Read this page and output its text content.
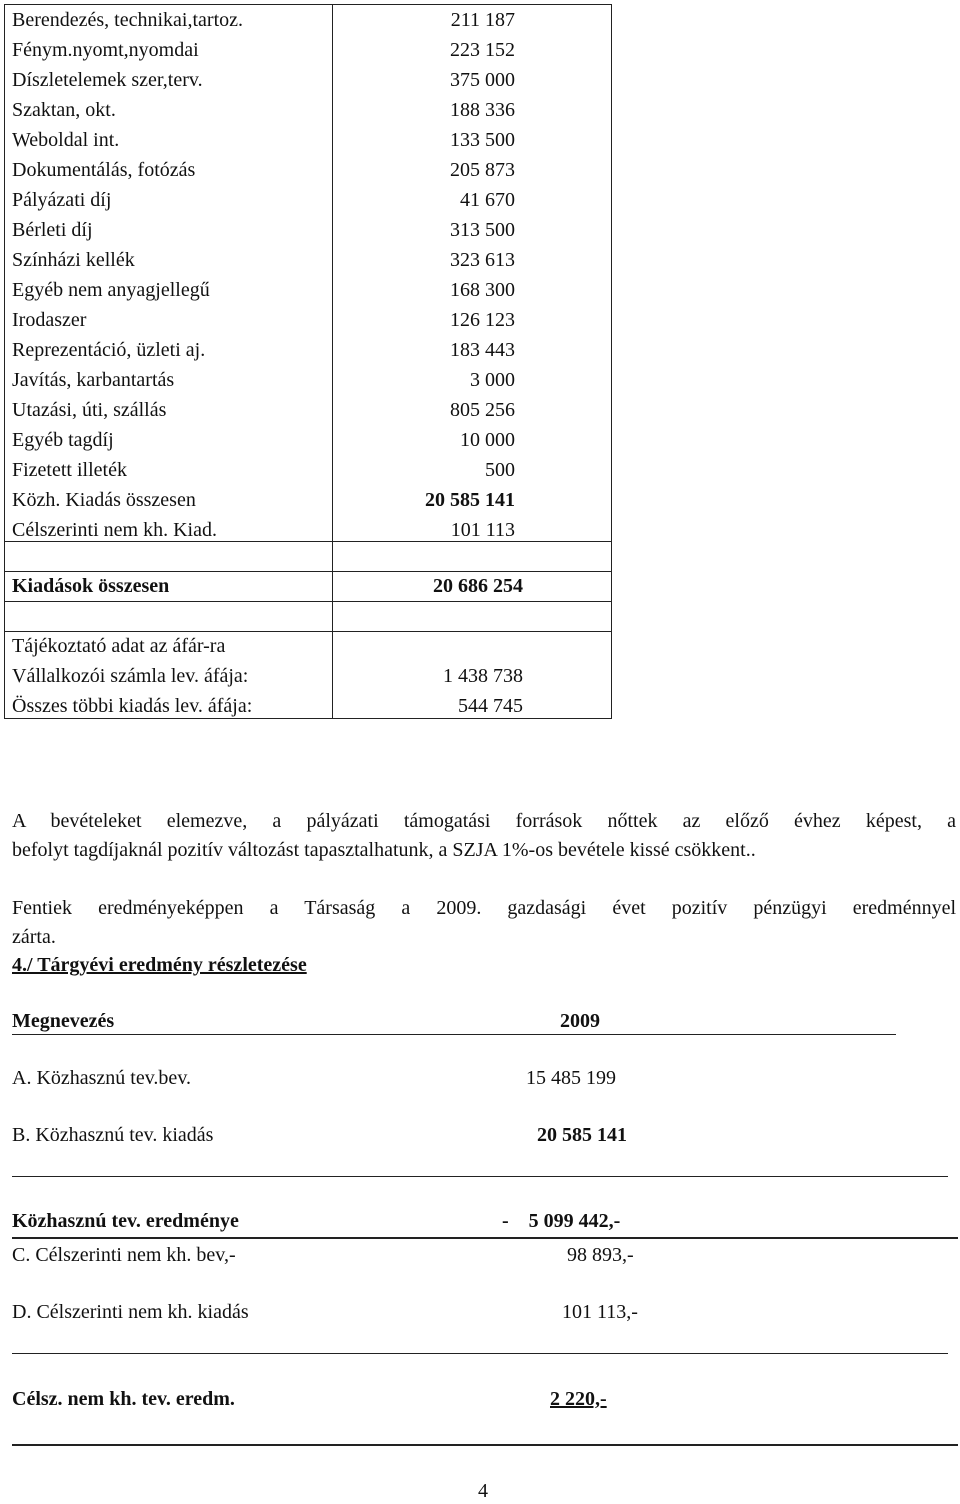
Berendezés, technikai,tartoz.	211 187
Fénym.nyomt,nyomdai	223 152
Díszletelemek szer,terv.	375 000
Szaktan, okt.	188 336
Weboldal int.	133 500
Dokumentálás, fotózás	205 873
Pályázati díj	41 670
Bérleti díj	313 500
Színházi kellék	323 613
Egyéb nem anyagjellegű	168 300
Irodaszer	126 123
Reprezentáció, üzleti aj.	183 443
Javítás, karbantartás	3 000
Utazási, úti, szállás	805 256
Egyéb tagdíj	10 000
Fizetett illeték	500
Közh. Kiadás összesen	20 585 141
Célszerinti nem kh. Kiad.	101 113
Kiadások összesen	20 686 254
Tájékoztató adat az áfár-ra
Vállalkozói számla lev. áfája:	1 438 738
Összes többi kiadás lev. áfája:	544 745
A bevételeket elemezve, a pályázati támogatási források nőttek az előző évhez képest, a
befolyt tagdíjaknál pozitív változást tapasztalhatunk, a SZJA 1%-os bevétele kissé csökkent..
Fentiek eredményeképpen a Társaság a 2009. gazdasági évet pozitív pénzügyi eredménnyel
zárta.
4./ Tárgyévi eredmény részletezése
Megnevezés	2009
A. Közhasznú tev.bev.	15 485 199
B. Közhasznú tev. kiadás	20 585 141
Közhasznú tev. eredménye	-    5 099 442,-
C. Célszerinti nem kh. bev,-	98 893,-
D. Célszerinti nem kh. kiadás	101 113,-
Célsz. nem kh. tev. eredm.	2 220,-
4
